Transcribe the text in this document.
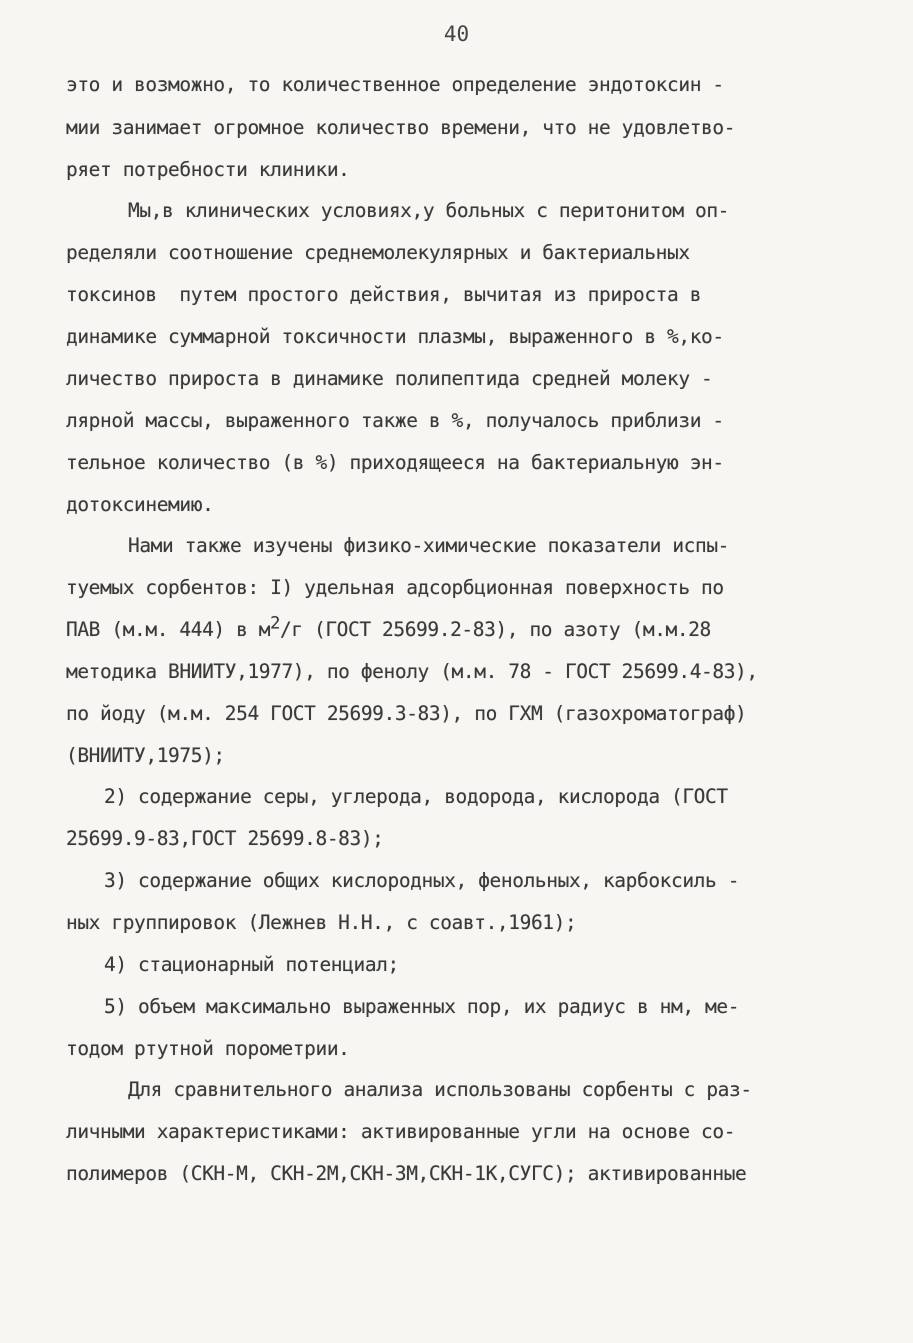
40
это и возможно, то количественное определение эндотоксин -
мии занимает огромное количество времени, что не удовлетво-
ряет потребности клиники.
Мы,в клинических условиях,у больных с перитонитом оп-
ределяли соотношение среднемолекулярных и бактериальных
токсинов  путем простого действия, вычитая из прироста в
динамике суммарной токсичности плазмы, выраженного в %,ко-
личество прироста в динамике полипептида средней молеку -
лярной массы, выраженного также в %, получалось приблизи -
тельное количество (в %) приходящееся на бактериальную эн-
дотоксинемию.
Нами также изучены физико-химические показатели испы-
туемых сорбентов: I) удельная адсорбционная поверхность по
ПАВ (м.м. 444) в $м^2/г$ (ГОСТ 25699.2-83), по азоту (м.м.28
методика ВНИИТУ,1977), по фенолу (м.м. 78 - ГОСТ 25699.4-83),
по йоду (м.м. 254 ГОСТ 25699.3-83), по ГХМ (газохроматограф)
(ВНИИТУ,1975);
2) содержание серы, углерода, водорода, кислорода (ГОСТ
25699.9-83,ГОСТ 25699.8-83);
3) содержание общих кислородных, фенольных, карбоксиль -
ных группировок (Лежнев Н.Н., с соавт.,1961);
4) стационарный потенциал;
5) объем максимально выраженных пор, их радиус в нм, ме-
тодом ртутной порометрии.
Для сравнительного анализа использованы сорбенты с раз-
личными характеристиками: активированные угли на основе со-
полимеров (СКН-М, СКН-2М,СКН-3М,СКН-1К,СУГС); активированные
